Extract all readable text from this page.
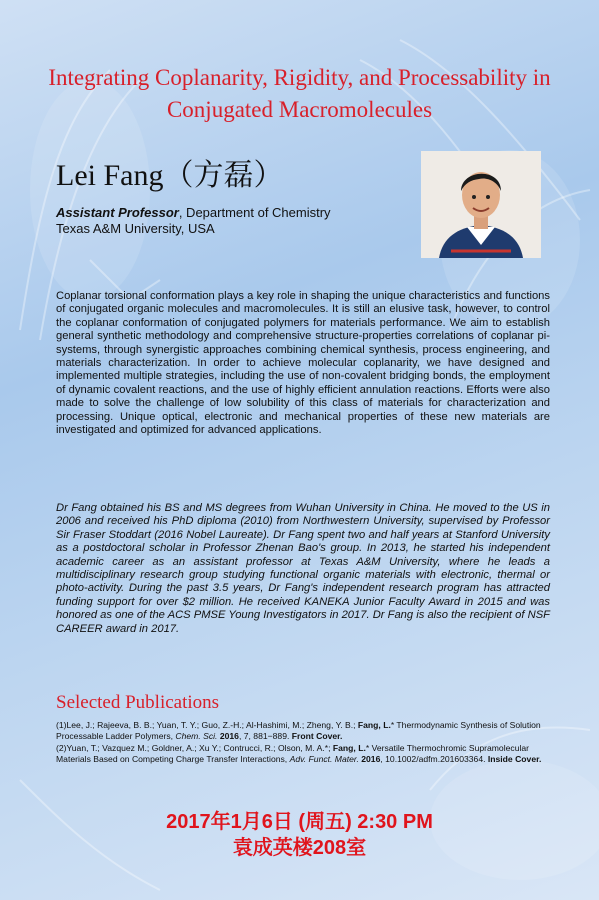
Integrating Coplanarity, Rigidity, and Processability in
Conjugated Macromolecules
Lei Fang（方磊）
Assistant Professor, Department of Chemistry
Texas A&M University, USA
Coplanar torsional conformation plays a key role in shaping the unique characteristics and functions of conjugated organic molecules and macromolecules. It is still an elusive task, however, to control the coplanar conformation of conjugated polymers for materials performance. We aim to establish general synthetic methodology and comprehensive structure-properties correlations of coplanar pi-systems, through synergistic approaches combining chemical synthesis, process engineering, and materials characterization. In order to achieve molecular coplanarity, we have designed and implemented multiple strategies, including the use of non-covalent bridging bonds, the employment of dynamic covalent reactions, and the use of highly efficient annulation reactions. Efforts were also made to solve the challenge of low solubility of this class of materials for characterization and processing. Unique optical, electronic and mechanical properties of these new materials are investigated and optimized for advanced applications.
Dr Fang obtained his BS and MS degrees from Wuhan University in China. He moved to the US in 2006 and received his PhD diploma (2010) from Northwestern University, supervised by Professor Sir Fraser Stoddart (2016 Nobel Laureate). Dr Fang spent two and half years at Stanford University as a postdoctoral scholar in Professor Zhenan Bao's group. In 2013, he started his independent academic career as an assistant professor at Texas A&M University, where he leads a multidisciplinary research group studying functional organic materials with electronic, thermal or photo-activity. During the past 3.5 years, Dr Fang's independent research program has attracted funding support for over $2 million. He received KANEKA Junior Faculty Award in 2015 and was honored as one of the ACS PMSE Young Investigators in 2017. Dr Fang is also the recipient of NSF CAREER award in 2017.
Selected Publications
(1)Lee, J.; Rajeeva, B. B.; Yuan, T. Y.; Guo, Z.-H.; Al-Hashimi, M.; Zheng, Y. B.; Fang, L.* Thermodynamic Synthesis of Solution Processable Ladder Polymers, Chem. Sci. 2016, 7, 881−889. Front Cover.
(2)Yuan, T.; Vazquez M.; Goldner, A.; Xu Y.; Contrucci, R.; Olson, M. A.*; Fang, L.* Versatile Thermochromic Supramolecular Materials Based on Competing Charge Transfer Interactions, Adv. Funct. Mater. 2016, 10.1002/adfm.201603364. Inside Cover.
2017年1月6日 (周五) 2:30 PM
袁成英楼208室
